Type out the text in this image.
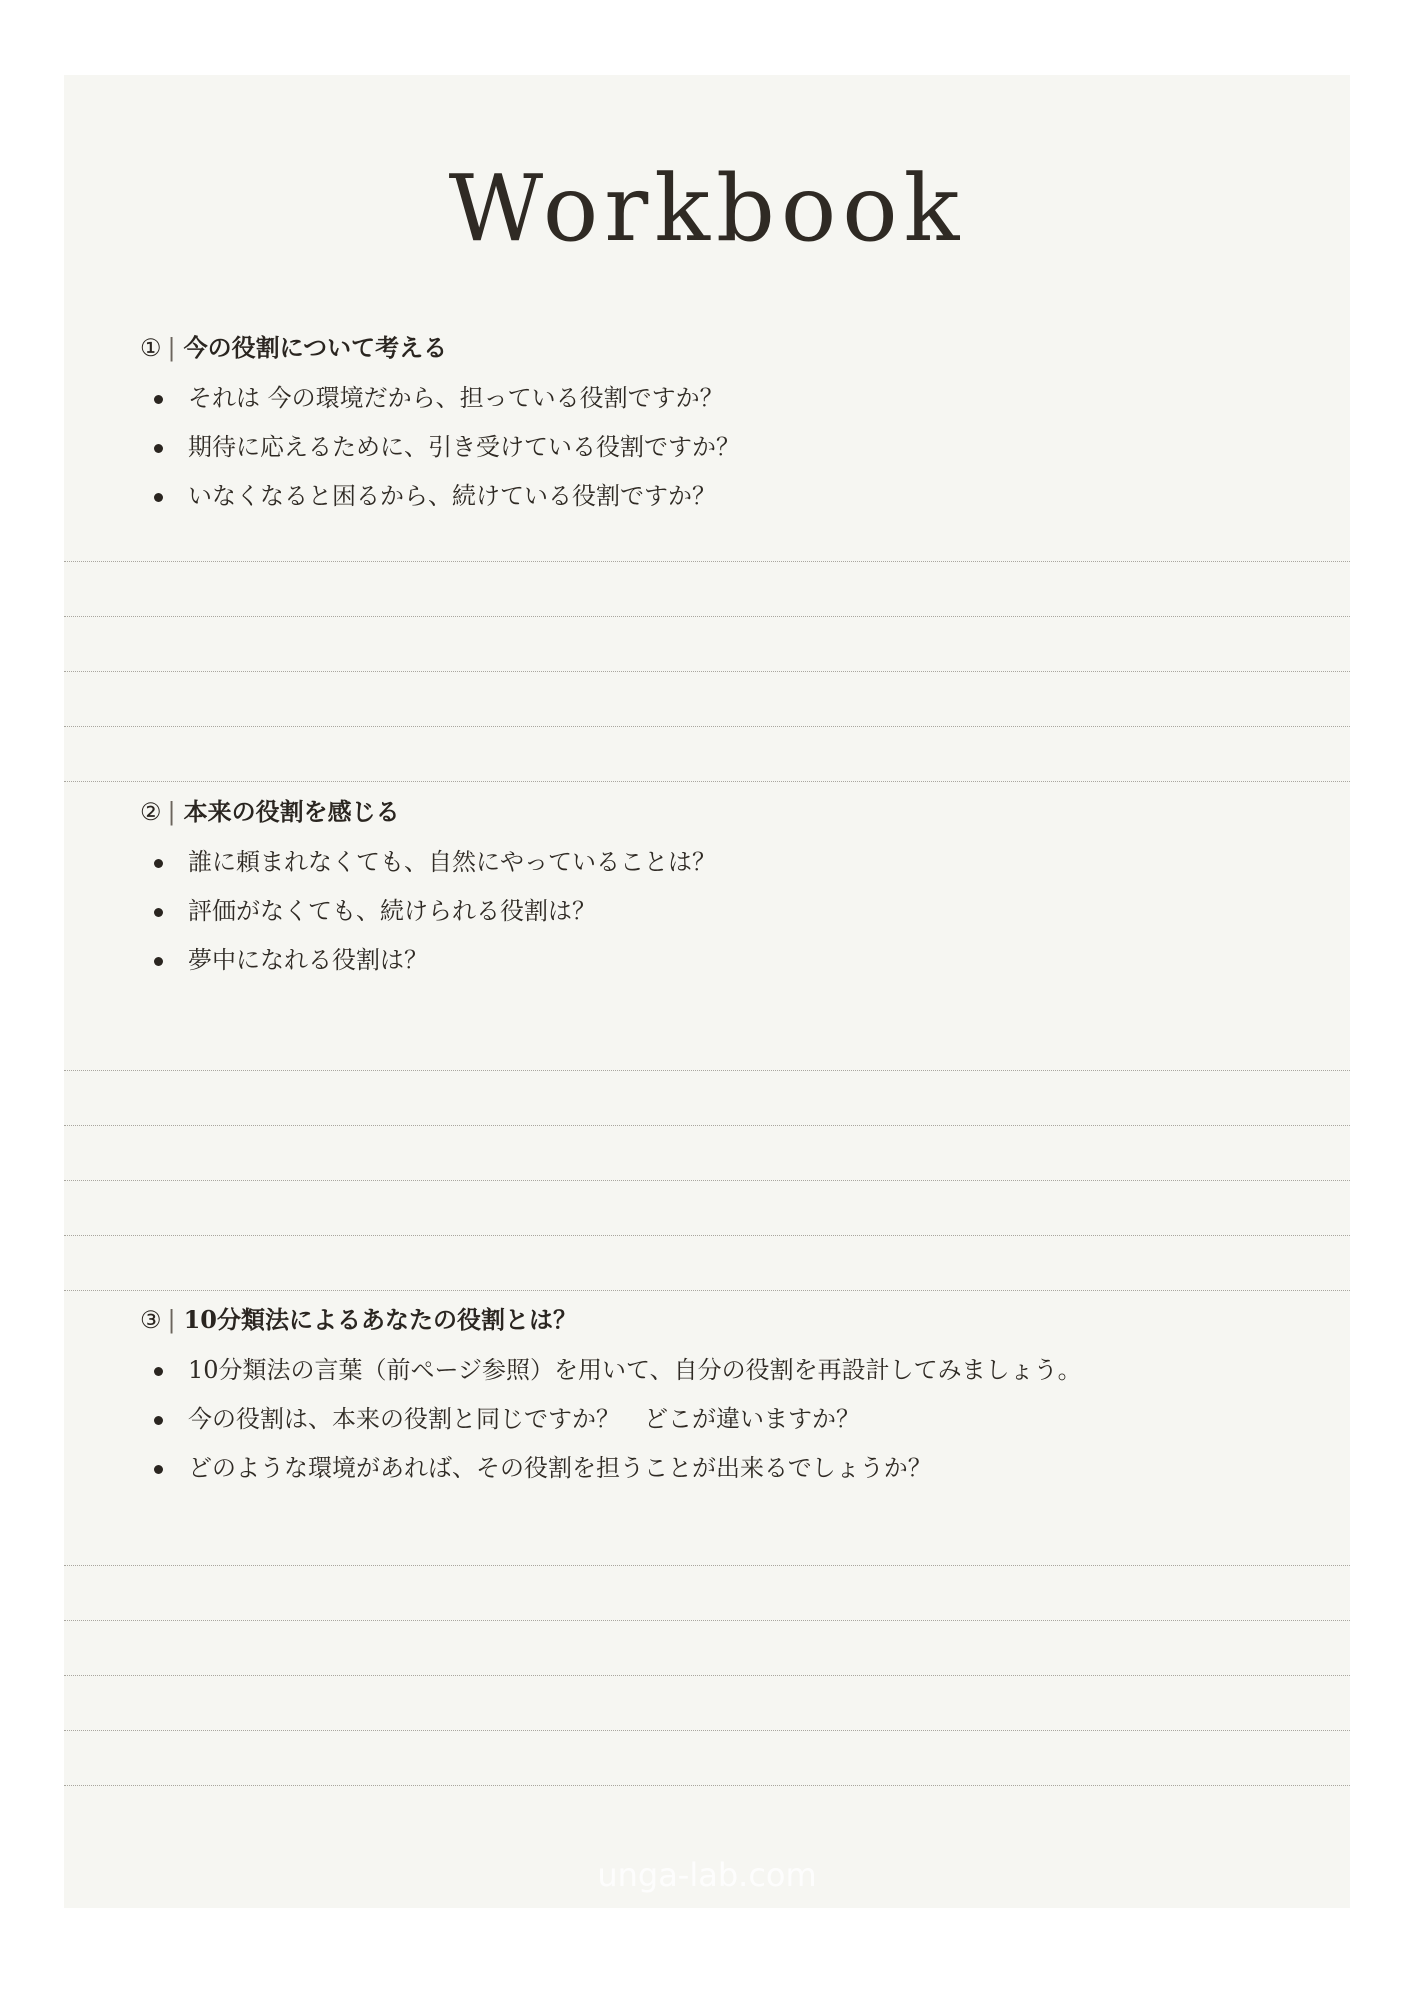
Workbook
① | 今の役割について考える
それは 今の環境だから、担っている役割ですか？
期待に応えるために、引き受けている役割ですか？
いなくなると困るから、続けている役割ですか？
② | 本来の役割を感じる
誰に頼まれなくても、自然にやっていることは？
評価がなくても、続けられる役割は？
夢中になれる役割は？
③ | 10分類法によるあなたの役割とは？
10分類法の言葉（前ページ参照）を用いて、自分の役割を再設計してみましょう。
今の役割は、本来の役割と同じですか？　どこが違いますか？
どのような環境があれば、その役割を担うことが出来るでしょうか？
unga-lab.com
